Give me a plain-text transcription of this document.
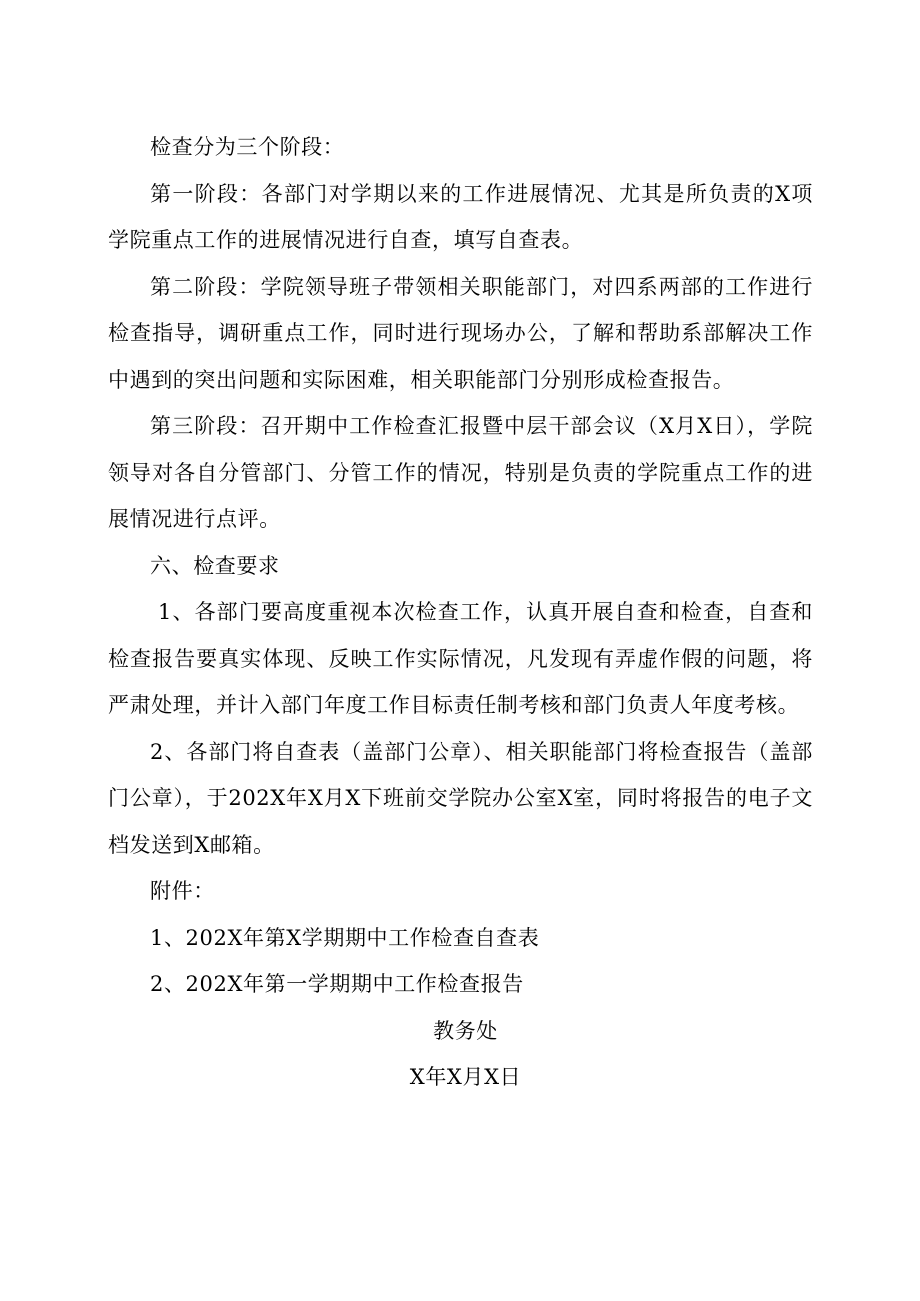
检查分为三个阶段：

第一阶段：各部门对学期以来的工作进展情况、尤其是所负责的X项学院重点工作的进展情况进行自查，填写自查表。

第二阶段：学院领导班子带领相关职能部门，对四系两部的工作进行检查指导，调研重点工作，同时进行现场办公，了解和帮助系部解决工作中遇到的突出问题和实际困难，相关职能部门分别形成检查报告。

第三阶段：召开期中工作检查汇报暨中层干部会议（X月X日），学院领导对各自分管部门、分管工作的情况，特别是负责的学院重点工作的进展情况进行点评。

六、检查要求

1、各部门要高度重视本次检查工作，认真开展自查和检查，自查和检查报告要真实体现、反映工作实际情况，凡发现有弄虚作假的问题，将严肃处理，并计入部门年度工作目标责任制考核和部门负责人年度考核。

2、各部门将自查表（盖部门公章）、相关职能部门将检查报告（盖部门公章），于202X年X月X下班前交学院办公室X室，同时将报告的电子文档发送到X邮箱。

附件：

1、202X年第X学期期中工作检查自查表

2、202X年第一学期期中工作检查报告

教务处

X年X月X日
